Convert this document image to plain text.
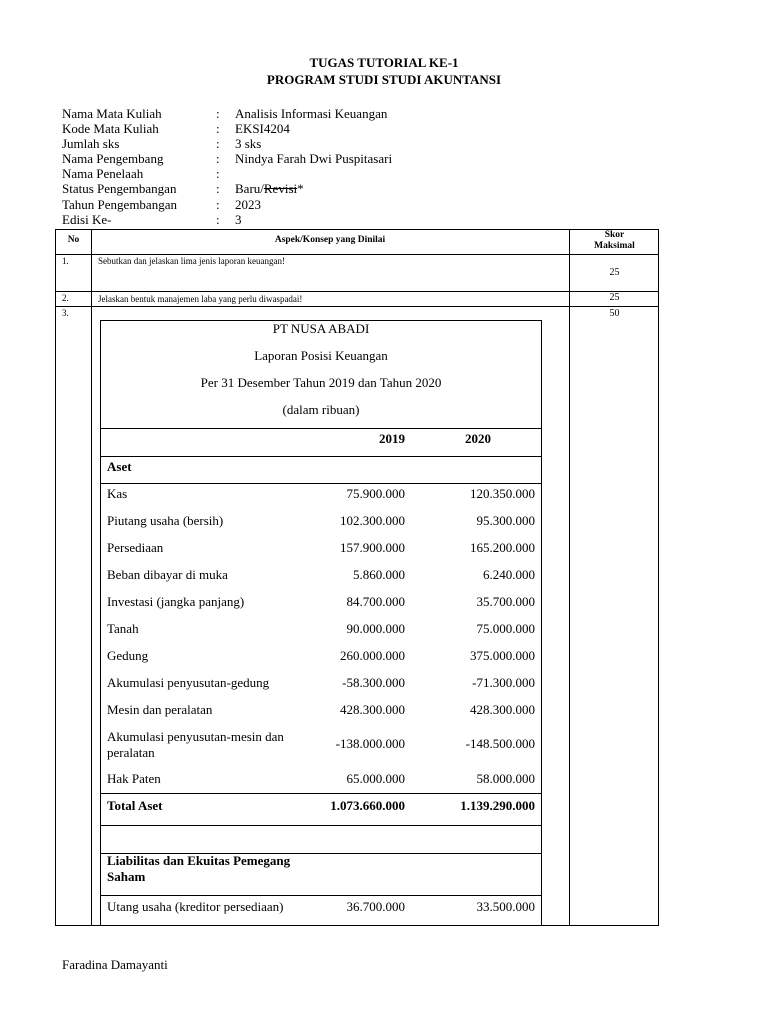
TUGAS TUTORIAL KE-1
PROGRAM STUDI STUDI AKUNTANSI
Nama Mata Kuliah	: Analisis Informasi Keuangan
Kode Mata Kuliah	: EKSI4204
Jumlah sks	: 3 sks
Nama Pengembang	: Nindya Farah Dwi Puspitasari
Nama Penelaah	:
Status Pengembangan	: Baru/Revisi*
Tahun Pengembangan	: 2023
Edisi Ke-	: 3
No	Aspek/Konsep yang Dinilai	Skor
Maksimal
1.	Sebutkan dan jelaskan lima jenis laporan keuangan!
25
2.	Jelaskan bentuk manajemen laba yang perlu diwaspadai!	25
3.	50
PT NUSA ABADI
Laporan Posisi Keuangan
Per 31 Desember Tahun 2019 dan Tahun 2020
(dalam ribuan)
2019	2020
Aset
Kas	75.900.000	120.350.000
Piutang usaha (bersih)	102.300.000	95.300.000
Persediaan	157.900.000	165.200.000
Beban dibayar di muka	5.860.000	6.240.000
Investasi (jangka panjang)	84.700.000	35.700.000
Tanah	90.000.000	75.000.000
Gedung	260.000.000	375.000.000
Akumulasi penyusutan-gedung	-58.300.000	-71.300.000
Mesin dan peralatan	428.300.000	428.300.000
Akumulasi penyusutan-mesin dan
peralatan
-138.000.000	-148.500.000
Hak Paten	65.000.000	58.000.000
Total Aset	1.073.660.000	1.139.290.000
Liabilitas dan Ekuitas Pemegang
Saham
Utang usaha (kreditor persediaan)	36.700.000	33.500.000
Faradina Damayanti
